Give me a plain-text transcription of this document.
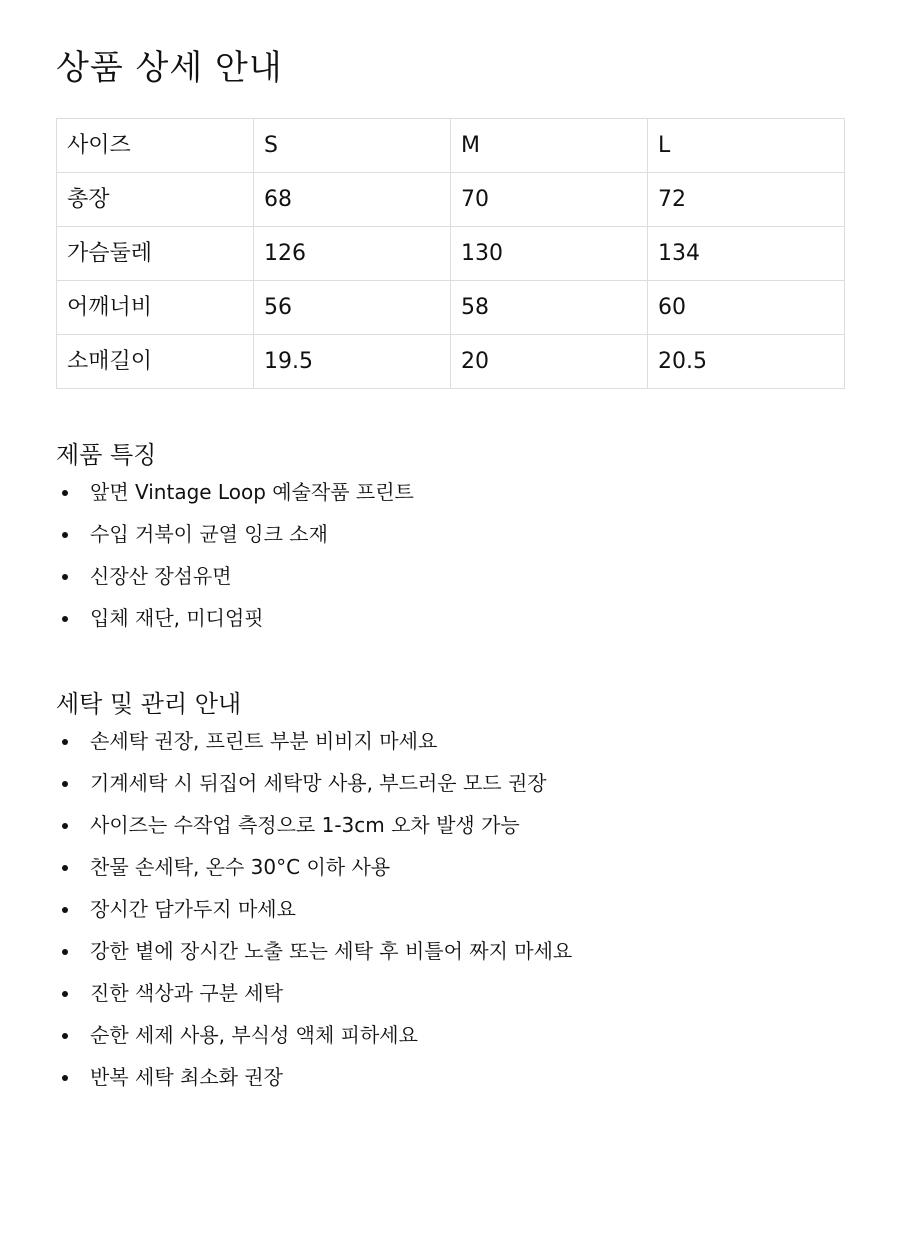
상품 상세 안내
사이즈	S	M	L
총장	68	70	72
가슴둘레	126	130	134
어깨너비	56	58	60
소매길이	19.5	20	20.5
제품 특징
앞면 Vintage Loop 예술작품 프린트
수입 거북이 균열 잉크 소재
신장산 장섬유면
입체 재단, 미디엄핏
세탁 및 관리 안내
손세탁 권장, 프린트 부분 비비지 마세요
기계세탁 시 뒤집어 세탁망 사용, 부드러운 모드 권장
사이즈는 수작업 측정으로 1-3cm 오차 발생 가능
찬물 손세탁, 온수 30°C 이하 사용
장시간 담가두지 마세요
강한 볕에 장시간 노출 또는 세탁 후 비틀어 짜지 마세요
진한 색상과 구분 세탁
순한 세제 사용, 부식성 액체 피하세요
반복 세탁 최소화 권장
